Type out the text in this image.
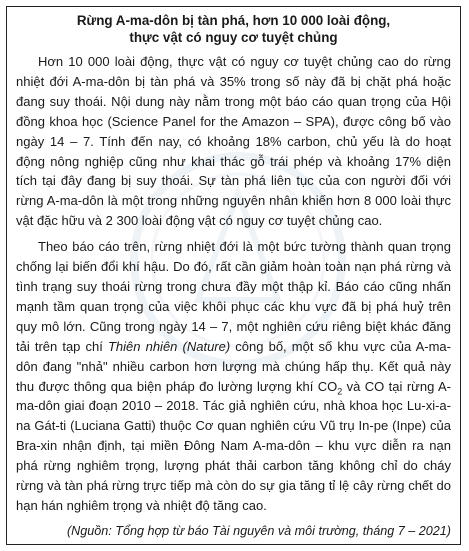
Rừng A-ma-dôn bị tàn phá, hơn 10 000 loài động,
thực vật có nguy cơ tuyệt chủng

Hơn 10 000 loài động, thực vật có nguy cơ tuyệt chủng cao do rừng nhiệt đới A-ma-dôn bị tàn phá và 35% trong số này đã bị chặt phá hoặc đang suy thoái. Nội dung này nằm trong một báo cáo quan trọng của Hội đồng khoa học (Science Panel for the Amazon – SPA), được công bố vào ngày 14 – 7. Tính đến nay, có khoảng 18% carbon, chủ yếu là do hoạt động nông nghiệp cũng như khai thác gỗ trái phép và khoảng 17% diện tích tại đây đang bị suy thoái. Sự tàn phá liên tục của con người đối với rừng A-ma-dôn là một trong những nguyên nhân khiến hơn 8 000 loài thực vật đặc hữu và 2 300 loài động vật có nguy cơ tuyệt chủng cao.

Theo báo cáo trên, rừng nhiệt đới là một bức tường thành quan trọng chống lại biến đổi khí hậu. Do đó, rất cần giảm hoàn toàn nạn phá rừng và tình trạng suy thoái rừng trong chưa đầy một thập kỉ. Báo cáo cũng nhấn mạnh tầm quan trọng của việc khôi phục các khu vực đã bị phá huỷ trên quy mô lớn. Cũng trong ngày 14 – 7, một nghiên cứu riêng biệt khác đăng tải trên tạp chí Thiên nhiên (Nature) công bố, một số khu vực của A-ma-dôn đang "nhả" nhiều carbon hơn lượng mà chúng hấp thụ. Kết quả này thu được thông qua biện pháp đo lường lượng khí $CO_2$ và CO tại rừng A-ma-dôn giai đoạn 2010 – 2018. Tác giả nghiên cứu, nhà khoa học Lu-xi-a-na Gát-ti (Luciana Gatti) thuộc Cơ quan nghiên cứu Vũ trụ In-pe (Inpe) của Bra-xin nhận định, tại miền Đông Nam A-ma-dôn – khu vực diễn ra nạn phá rừng nghiêm trọng, lượng phát thải carbon tăng không chỉ do cháy rừng và tàn phá rừng trực tiếp mà còn do sự gia tăng tỉ lệ cây rừng chết do hạn hán nghiêm trọng và nhiệt độ tăng cao.

(Nguồn: Tổng hợp từ báo Tài nguyên và môi trường, tháng 7 – 2021)
